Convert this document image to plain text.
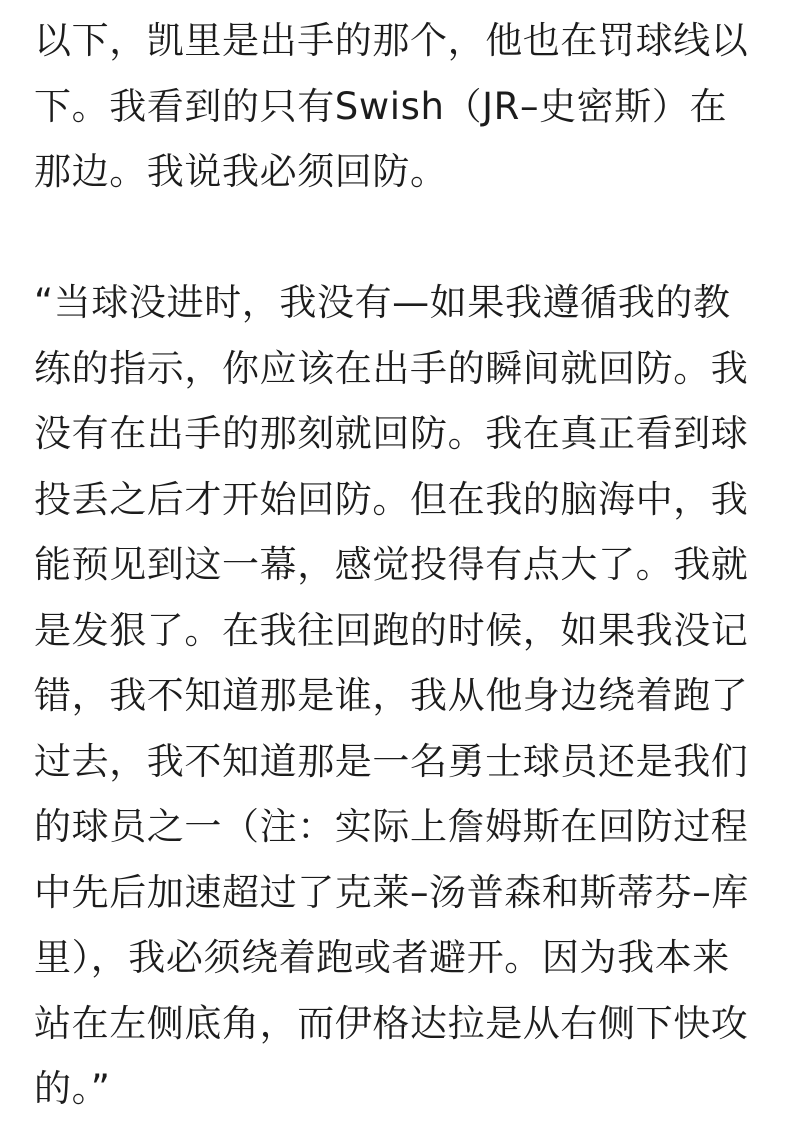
以下，凯里是出手的那个，他也在罚球线以
下。我看到的只有Swish（JR–史密斯）在
那边。我说我必须回防。
“当球没进时，我没有—如果我遵循我的教
练的指示，你应该在出手的瞬间就回防。我
没有在出手的那刻就回防。我在真正看到球
投丢之后才开始回防。但在我的脑海中，我
能预见到这一幕，感觉投得有点大了。我就
是发狠了。在我往回跑的时候，如果我没记
错，我不知道那是谁，我从他身边绕着跑了
过去，我不知道那是一名勇士球员还是我们
的球员之一（注：实际上詹姆斯在回防过程
中先后加速超过了克莱–汤普森和斯蒂芬–库
里），我必须绕着跑或者避开。因为我本来
站在左侧底角，而伊格达拉是从右侧下快攻
的。”
